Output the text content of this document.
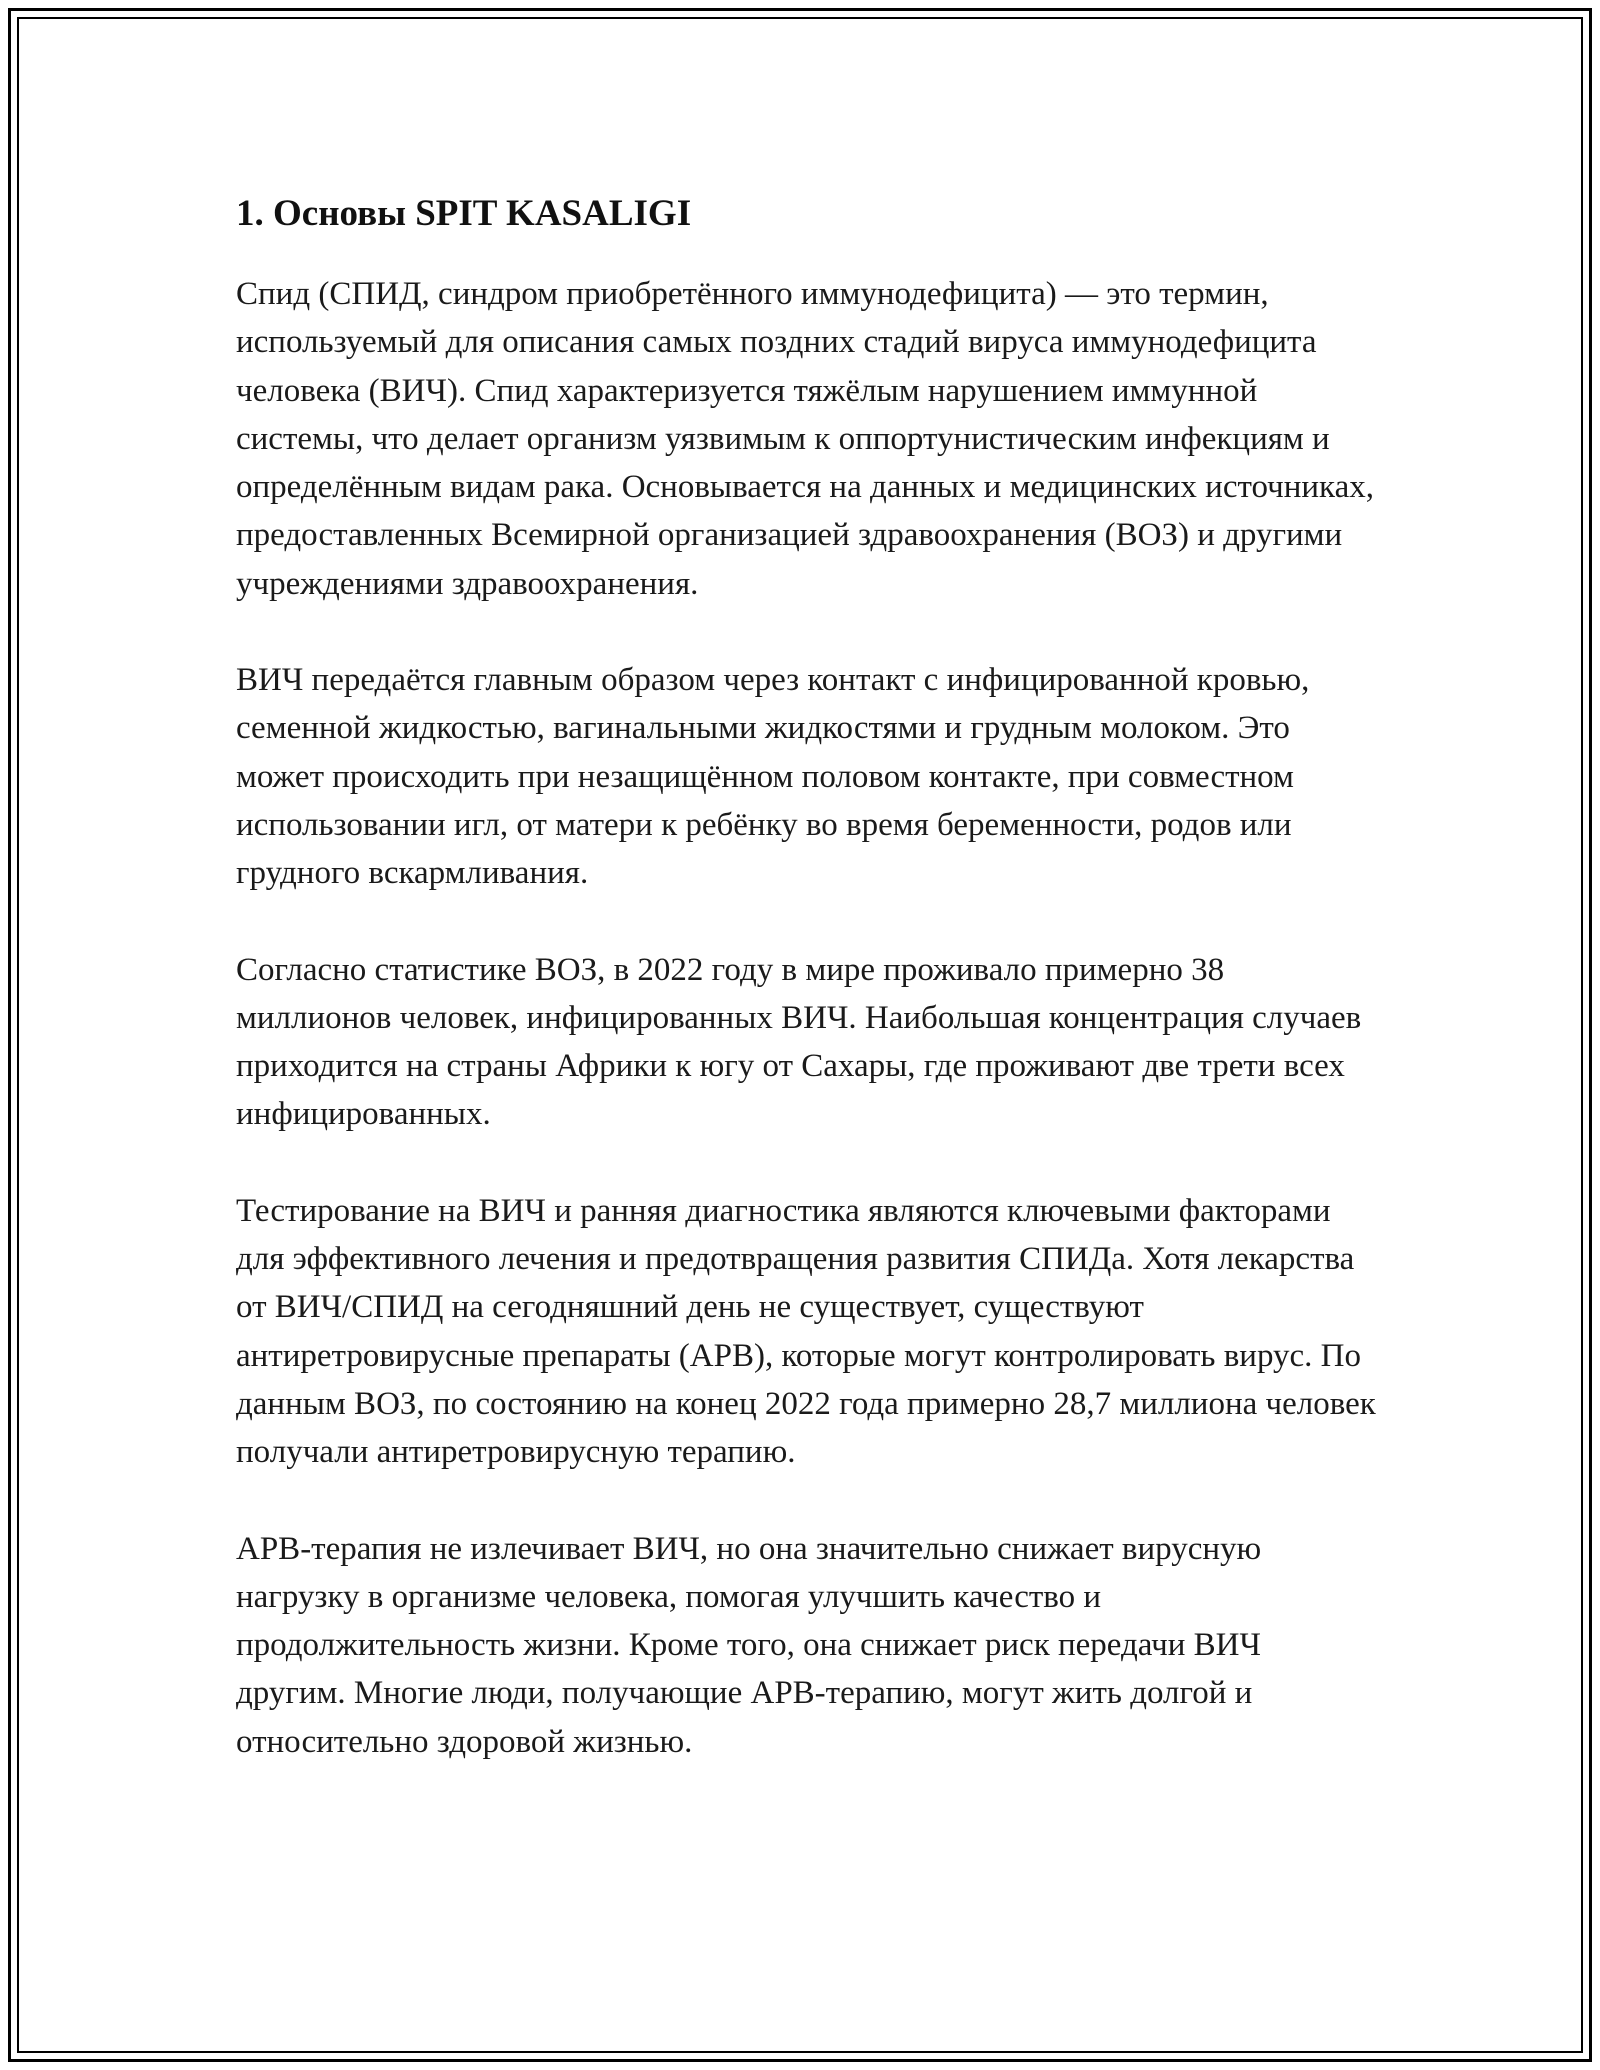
1. Основы SPIT KASALIGI

Спид (СПИД, синдром приобретённого иммунодефицита) — это термин, используемый для описания самых поздних стадий вируса иммунодефицита человека (ВИЧ). Спид характеризуется тяжёлым нарушением иммунной системы, что делает организм уязвимым к оппортунистическим инфекциям и определённым видам рака. Основывается на данных и медицинских источниках, предоставленных Всемирной организацией здравоохранения (ВОЗ) и другими учреждениями здравоохранения.

ВИЧ передаётся главным образом через контакт с инфицированной кровью, семенной жидкостью, вагинальными жидкостями и грудным молоком. Это может происходить при незащищённом половом контакте, при совместном использовании игл, от матери к ребёнку во время беременности, родов или грудного вскармливания.

Согласно статистике ВОЗ, в 2022 году в мире проживало примерно 38 миллионов человек, инфицированных ВИЧ. Наибольшая концентрация случаев приходится на страны Африки к югу от Сахары, где проживают две трети всех инфицированных.

Тестирование на ВИЧ и ранняя диагностика являются ключевыми факторами для эффективного лечения и предотвращения развития СПИДа. Хотя лекарства от ВИЧ/СПИД на сегодняшний день не существует, существуют антиретровирусные препараты (АРВ), которые могут контролировать вирус. По данным ВОЗ, по состоянию на конец 2022 года примерно 28,7 миллиона человек получали антиретровирусную терапию.

АРВ-терапия не излечивает ВИЧ, но она значительно снижает вирусную нагрузку в организме человека, помогая улучшить качество и продолжительность жизни. Кроме того, она снижает риск передачи ВИЧ другим. Многие люди, получающие АРВ-терапию, могут жить долгой и относительно здоровой жизнью.
